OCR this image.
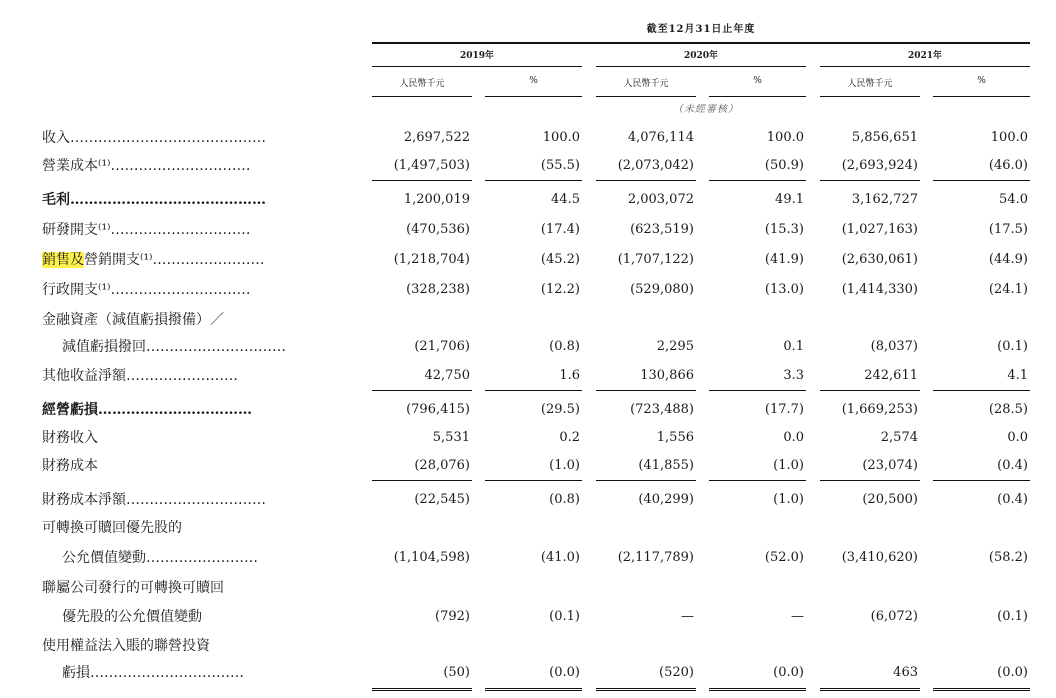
截至12月31日止年度
2019年	2020年	2021年
人民幣千元	%	人民幣千元	%	人民幣千元	%
（未經審核）
收入……………………………………	2,697,522	100.0	4,076,114	100.0	5,856,651	100.0
營業成本⁽¹⁾…………………………	(1,497,503)	(55.5)	(2,073,042)	(50.9)	(2,693,924)	(46.0)
毛利……………………………………	1,200,019	44.5	2,003,072	49.1	3,162,727	54.0
研發開支⁽¹⁾…………………………	(470,536)	(17.4)	(623,519)	(15.3)	(1,027,163)	(17.5)
銷售及營銷開支⁽¹⁾……………………	(1,218,704)	(45.2)	(1,707,122)	(41.9)	(2,630,061)	(44.9)
行政開支⁽¹⁾…………………………	(328,238)	(12.2)	(529,080)	(13.0)	(1,414,330)	(24.1)
金融資產（減值虧損撥備）／
減值虧損撥回…………………………	(21,706)	(0.8)	2,295	0.1	(8,037)	(0.1)
其他收益淨額……………………	42,750	1.6	130,866	3.3	242,611	4.1
經營虧損……………………………	(796,415)	(29.5)	(723,488)	(17.7)	(1,669,253)	(28.5)
財務收入	5,531	0.2	1,556	0.0	2,574	0.0
財務成本	(28,076)	(1.0)	(41,855)	(1.0)	(23,074)	(0.4)
財務成本淨額…………………………	(22,545)	(0.8)	(40,299)	(1.0)	(20,500)	(0.4)
可轉換可贖回優先股的
公允價值變動……………………	(1,104,598)	(41.0)	(2,117,789)	(52.0)	(3,410,620)	(58.2)
聯屬公司發行的可轉換可贖回
優先股的公允價值變動	(792)	(0.1)	—	—	(6,072)	(0.1)
使用權益法入賬的聯營投資
虧損……………………………	(50)	(0.0)	(520)	(0.0)	463	(0.0)
